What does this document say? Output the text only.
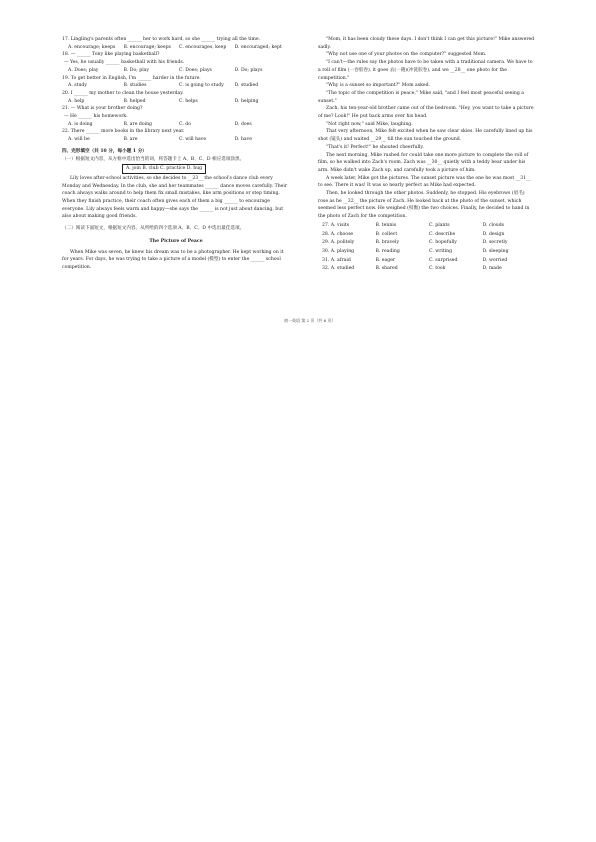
17. Lingling's parents often ______ her to work hard, so she ______ trying all the time.
A. encourage; keeps	B. encourage; keeps	C. encourages, keep	D. encouraged; kept
18. — ______ Tony like playing basketball?
— Yes, he usually ______ basketball with his friends.
A. Does; play	B. Do; play	C. Does; plays	D. Do; plays
19. To get better in English, I'm ______ harder in the future.
A. study	B. studies	C. is going to study	D. studied
20. I ______ my mother to clean the house yesterday.
A. help	B. helped	C. helps	D. helping
21. — What is your brother doing?
— He ______ his homework.
A. is doing	B. are doing	C. do	D. does
22. There ______ more books in the library next year.
A. will be	B. are	C. will have	D. have
四、完形填空（共 10 分，每小题 1 分）
（一）根据短文内容，从方框中选出恰当的词，将答题卡上 A、B、C、D 相应选项涂黑。
A. join B. club C. practice D. hug
Lily loves after-school activities, so she decides to __23__ the school's dance club every Monday and Wednesday. In the club, she and her teammates ______ dance moves carefully. Their coach always walks around to help them fix small mistakes, like arm positions or step timing. When they finish practice, their coach often gives each of them a big ______ to encourage everyone. Lily always feels warm and happy—she says the ______ is not just about dancing, but also about making good friends.
（二）阅读下面短文，根据短文内容，从所给的四个选项 A、B、C、D 中选出最佳选项。
The Picture of Peace
When Mike was seven, he knew his dream was to be a photographer. He kept working on it for years. For days, he was trying to take a picture of a model (模型) to enter the ______ school competition.
"Mom, it has been cloudy these days. I don't think I can get this picture!" Mike answered sadly.
"Why not use one of your photos on the computer?" suggested Mom.
"I can't—the rules say the photos have to be taken with a traditional camera. We have to a roll of film (一卷胶卷), it goes 去(一趟)(冲洗胶卷), and we __28__ one photo for the competition."
"Why is a sunset so important?" Mom asked.
"The topic of the competition is peace," Mike said, "and I feel most peaceful seeing a sunset."
Zach, his ten-year-old brother came out of the bedroom. "Hey, you want to take a picture of me? Look!" He put back arms over his head.
"Not right now," said Mike, laughing.
That very afternoon, Mike felt excited when he saw clear skies. He carefully lined up his shot (镜头) and waited __29__ till the sun touched the ground.
"That's it! Perfect!" he shouted cheerfully.
The next morning, Mike rushed for could take one more picture to complete the roll of film, so he walked into Zach's room. Zach was __30__ quietly with a teddy bear under his arm. Mike didn't wake Zach up, and carefully took a picture of him.
A week later, Mike got the pictures. The sunset picture was the one he was most __31__ to see. There it was! It was so nearly perfect as Mike had expected.
Then, he looked through the other photos. Suddenly, he stopped. His eyebrows (眉毛) rose as he __32__ the picture of Zach. He looked back at the photo of the sunset, which seemed less perfect now. He weighed (权衡) the two choices. Finally, he decided to hand in the photo of Zach for the competition.
27. A. visits	B. tennis	C. plants	D. clouds
28. A. choose	B. collect	C. describe	D. design
29. A. politely	B. bravely	C. hopefully	D. secretly
30. A. playing	B. reading	C. writing	D. sleeping
31. A. afraid	B. eager	C. surprised	D. worried
32. A. studied	B. shared	C. took	D. made
初一英语 第 2 页（共 6 页）
